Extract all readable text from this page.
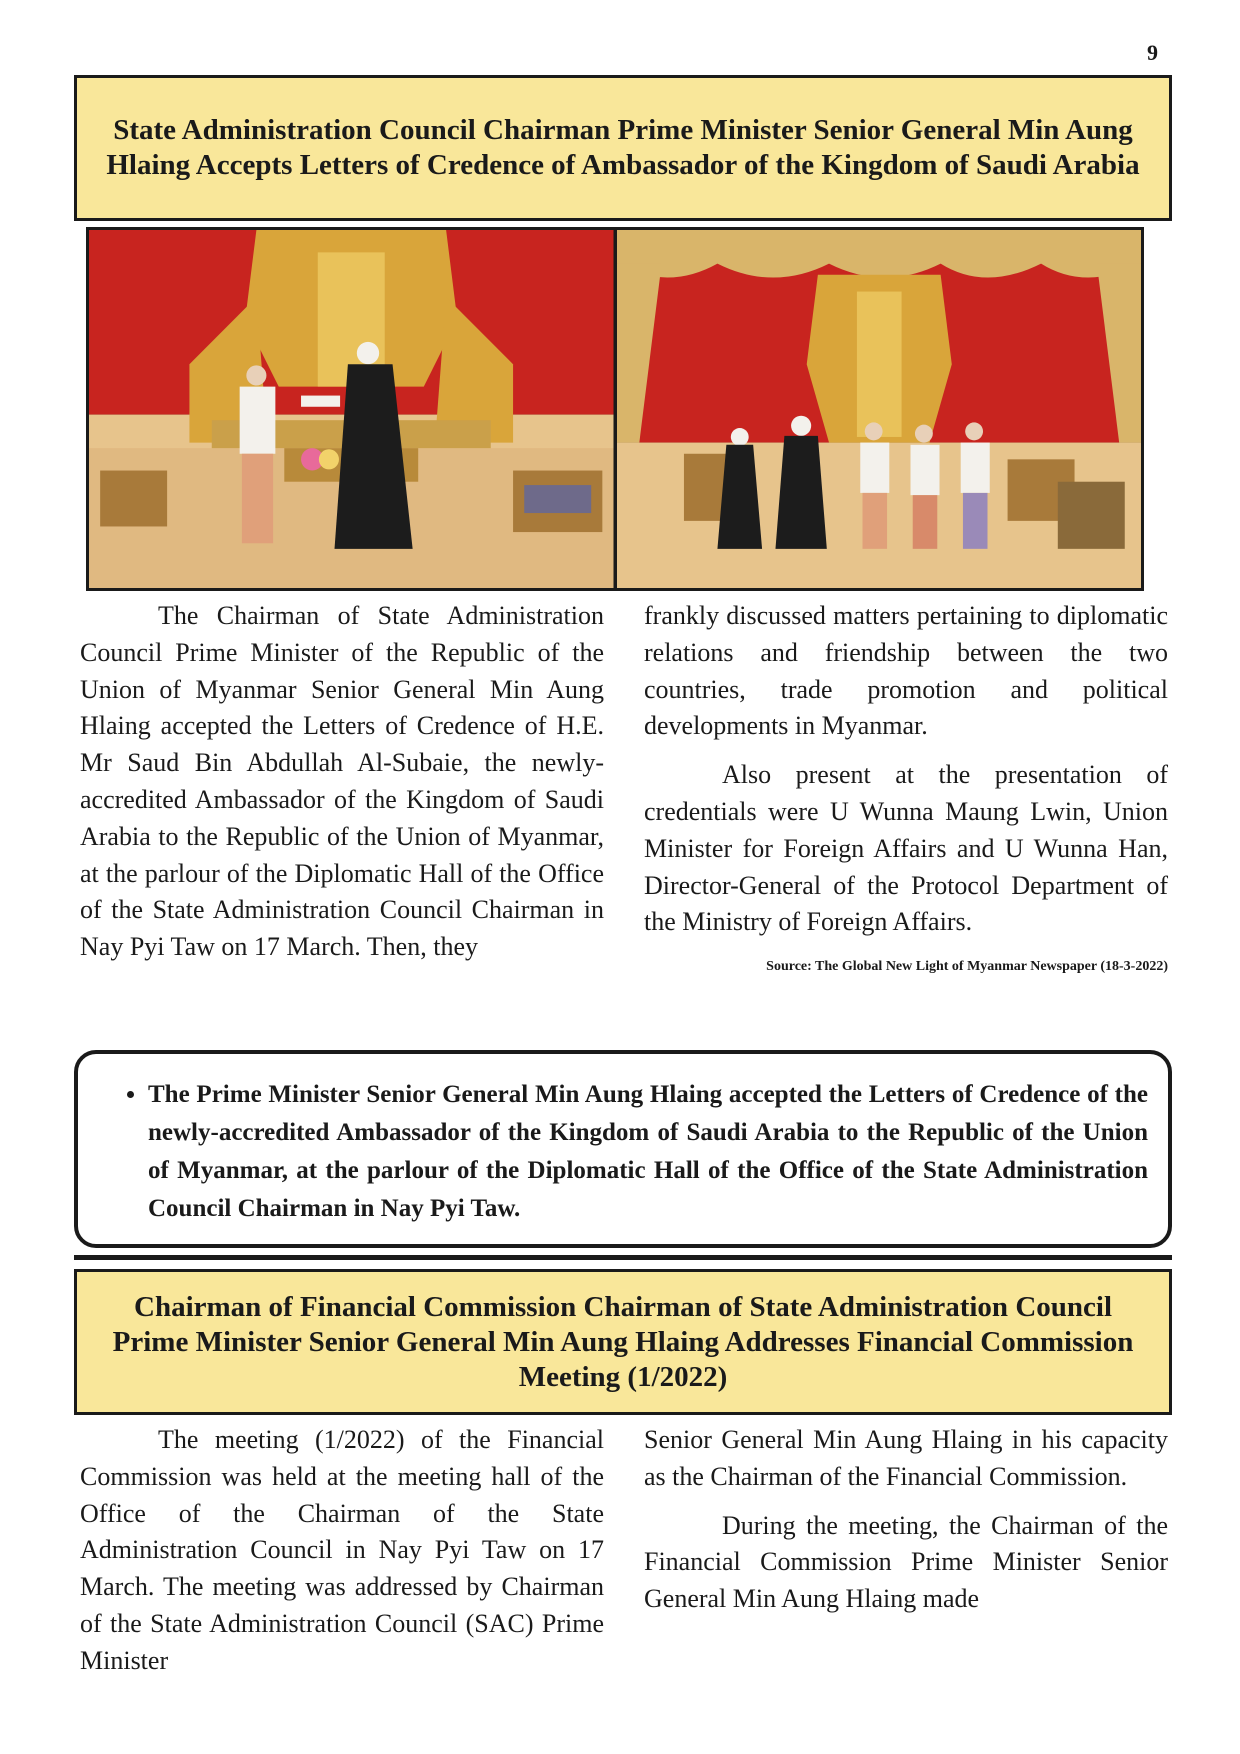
9
State Administration Council Chairman Prime Minister Senior General Min Aung Hlaing Accepts Letters of Credence of Ambassador of the Kingdom of Saudi Arabia

The Chairman of State Administration Council Prime Minister of the Republic of the Union of Myanmar Senior General Min Aung Hlaing accepted the Letters of Credence of H.E. Mr Saud Bin Abdullah Al-Subaie, the newly-accredited Ambassador of the Kingdom of Saudi Arabia to the Republic of the Union of Myanmar, at the parlour of the Diplomatic Hall of the Office of the State Administration Council Chairman in Nay Pyi Taw on 17 March. Then, they

frankly discussed matters pertaining to diplomatic relations and friendship between the two countries, trade promotion and political developments in Myanmar.

Also present at the presentation of credentials were U Wunna Maung Lwin, Union Minister for Foreign Affairs and U Wunna Han, Director-General of the Protocol Department of the Ministry of Foreign Affairs.

Source: The Global New Light of Myanmar Newspaper (18-3-2022)
• The Prime Minister Senior General Min Aung Hlaing accepted the Letters of Credence of the newly-accredited Ambassador of the Kingdom of Saudi Arabia to the Republic of the Union of Myanmar, at the parlour of the Diplomatic Hall of the Office of the State Administration Council Chairman in Nay Pyi Taw.
Chairman of Financial Commission Chairman of State Administration Council Prime Minister Senior General Min Aung Hlaing Addresses Financial Commission Meeting (1/2022)

The meeting (1/2022) of the Financial Commission was held at the meeting hall of the Office of the Chairman of the State Administration Council in Nay Pyi Taw on 17 March. The meeting was addressed by Chairman of the State Administration Council (SAC) Prime Minister

Senior General Min Aung Hlaing in his capacity as the Chairman of the Financial Commission.

During the meeting, the Chairman of the Financial Commission Prime Minister Senior General Min Aung Hlaing made
